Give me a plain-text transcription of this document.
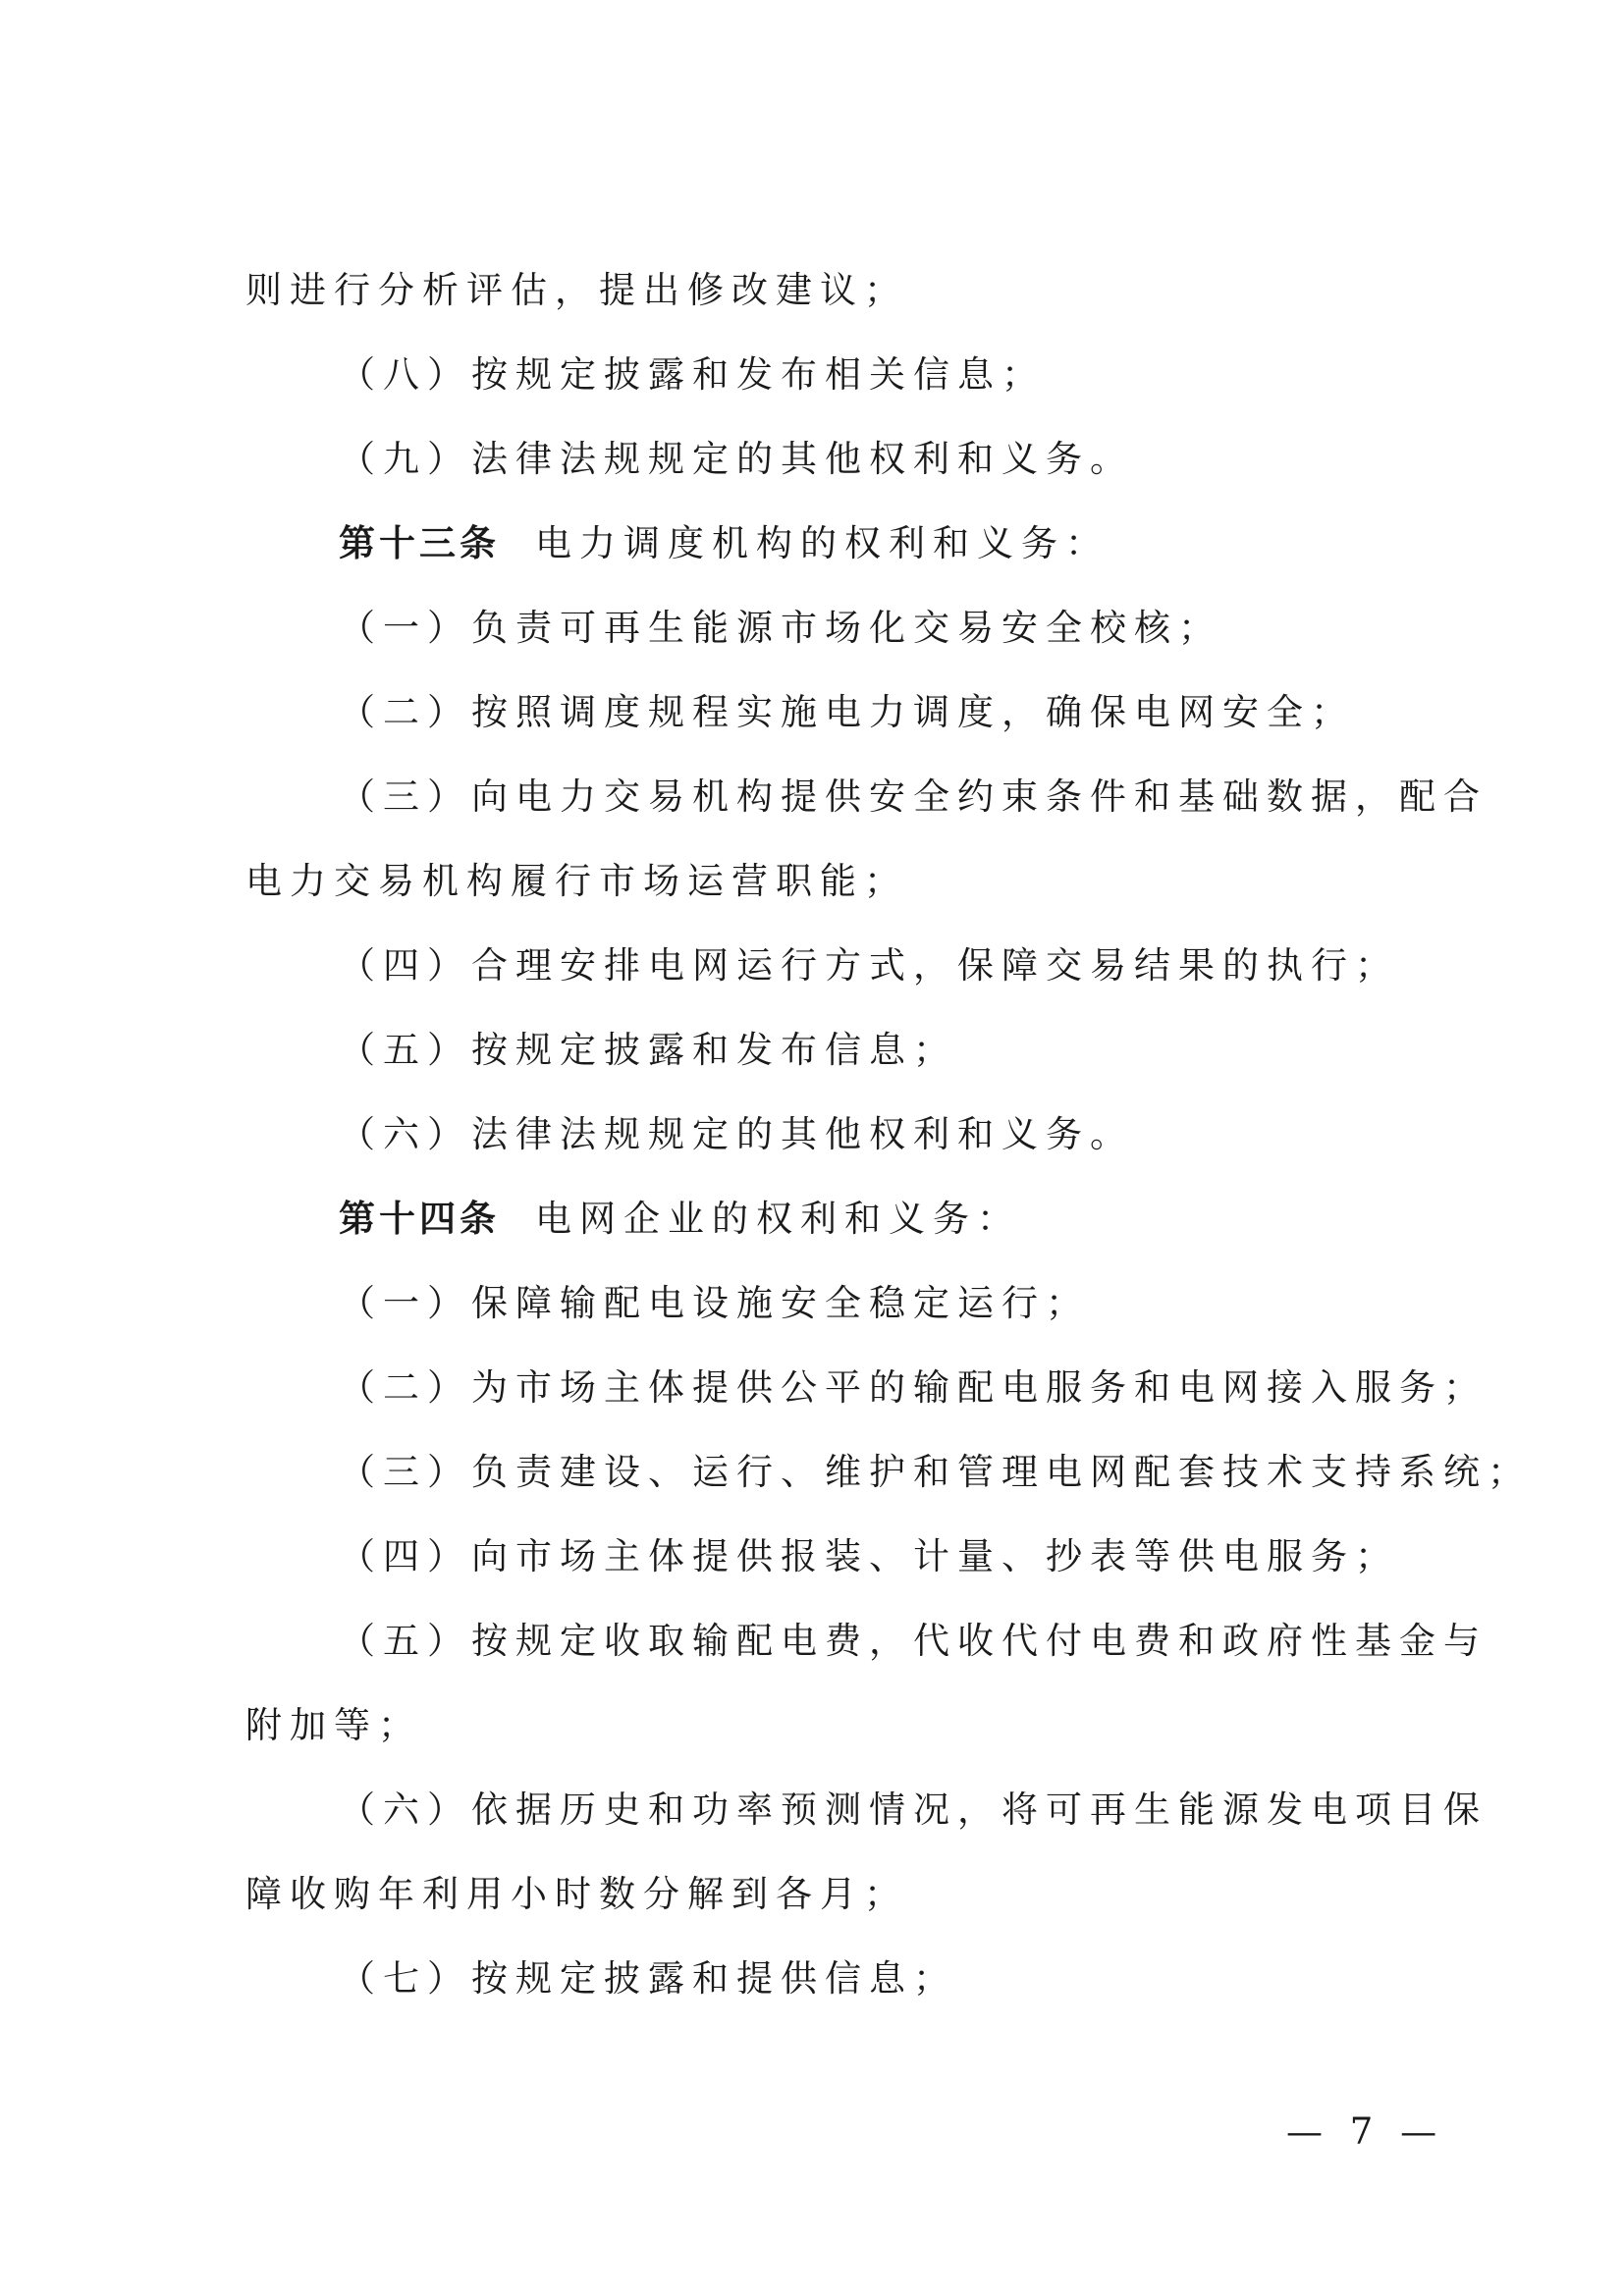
则进行分析评估，提出修改建议；
（八）按规定披露和发布相关信息；
（九）法律法规规定的其他权利和义务。
第十三条 电力调度机构的权利和义务：
（一）负责可再生能源市场化交易安全校核；
（二）按照调度规程实施电力调度，确保电网安全；
（三）向电力交易机构提供安全约束条件和基础数据，配合
电力交易机构履行市场运营职能；
（四）合理安排电网运行方式，保障交易结果的执行；
（五）按规定披露和发布信息；
（六）法律法规规定的其他权利和义务。
第十四条 电网企业的权利和义务：
（一）保障输配电设施安全稳定运行；
（二）为市场主体提供公平的输配电服务和电网接入服务；
（三）负责建设、运行、维护和管理电网配套技术支持系统；
（四）向市场主体提供报装、计量、抄表等供电服务；
（五）按规定收取输配电费，代收代付电费和政府性基金与
附加等；
（六）依据历史和功率预测情况，将可再生能源发电项目保
障收购年利用小时数分解到各月；
（七）按规定披露和提供信息；
— 7 —
